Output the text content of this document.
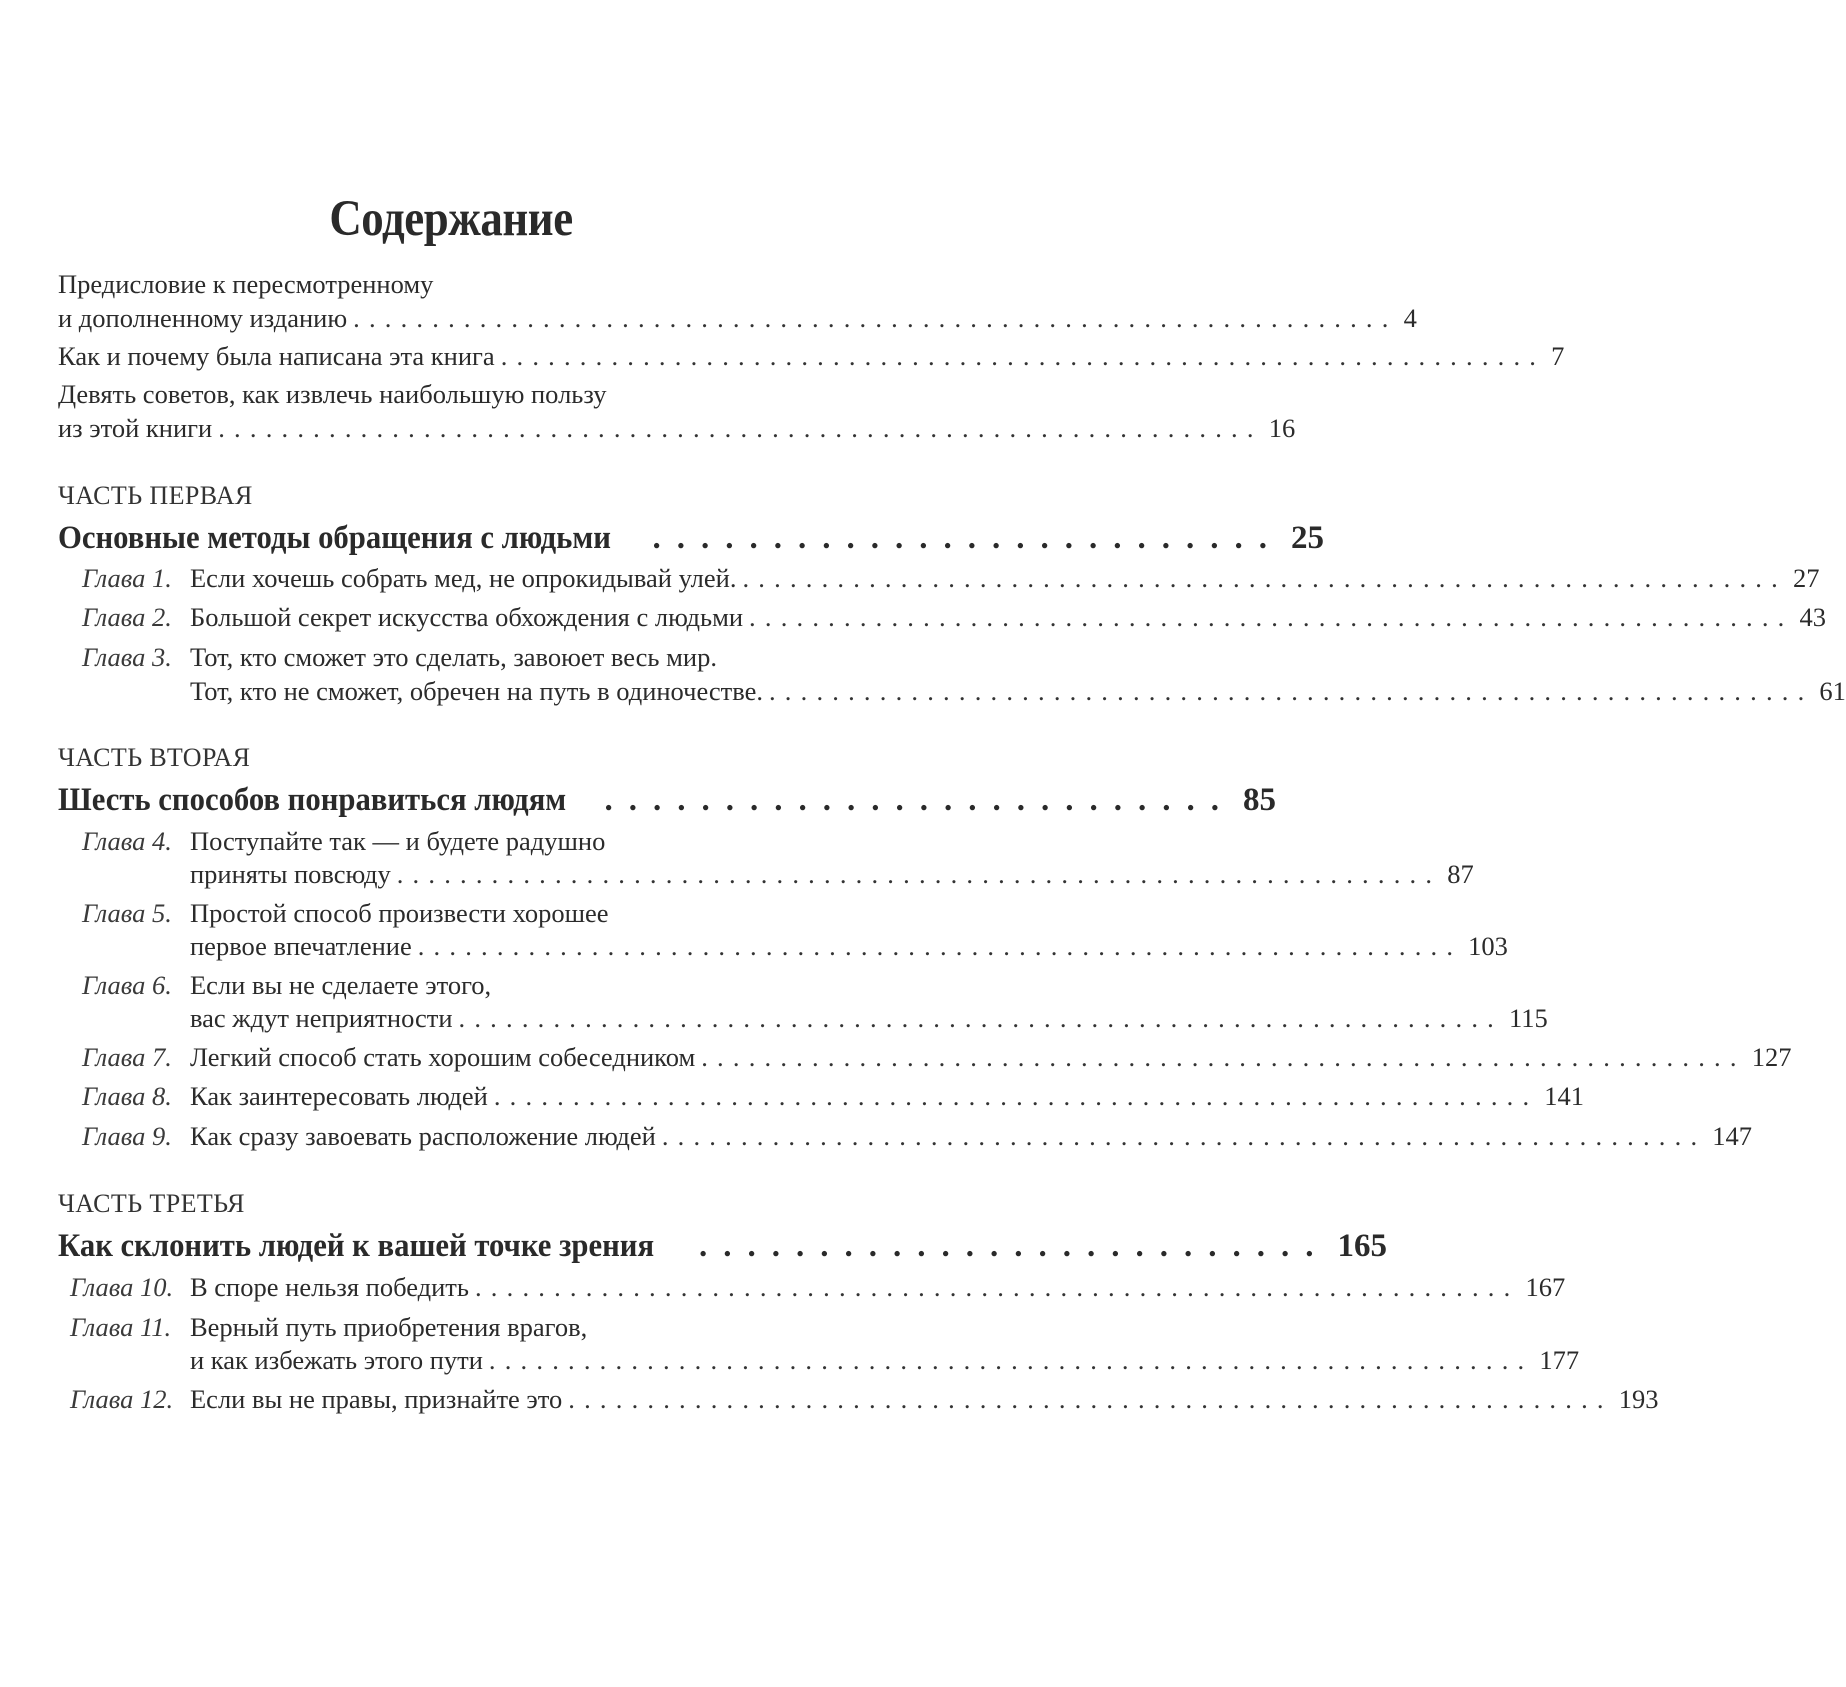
Содержание
Предисловие к пересмотренному
и дополненному изданию .................................................................. 4
Как и почему была написана эта книга .................................................................. 7
Девять советов, как извлечь наибольшую пользу
из этой книги .................................................................. 16
ЧАСТЬ ПЕРВАЯ
Основные методы обращения с людьми .......................... 25
Глава 1. Если хочешь собрать мед, не опрокидывай улей. .................................................................. 27
Глава 2. Большой секрет искусства обхождения с людьми .................................................................. 43
Глава 3. Тот, кто сможет это сделать, завоюет весь мир.
Тот, кто не сможет, обречен на путь в одиночестве. .................................................................. 61
ЧАСТЬ ВТОРАЯ
Шесть способов понравиться людям .......................... 85
Глава 4. Поступайте так — и будете радушно
приняты повсюду .................................................................. 87
Глава 5. Простой способ произвести хорошее
первое впечатление .................................................................. 103
Глава 6. Если вы не сделаете этого,
вас ждут неприятности .................................................................. 115
Глава 7. Легкий способ стать хорошим собеседником .................................................................. 127
Глава 8. Как заинтересовать людей .................................................................. 141
Глава 9. Как сразу завоевать расположение людей .................................................................. 147
ЧАСТЬ ТРЕТЬЯ
Как склонить людей к вашей точке зрения .......................... 165
Глава 10. В споре нельзя победить .................................................................. 167
Глава 11. Верный путь приобретения врагов,
и как избежать этого пути .................................................................. 177
Глава 12. Если вы не правы, признайте это .................................................................. 193
